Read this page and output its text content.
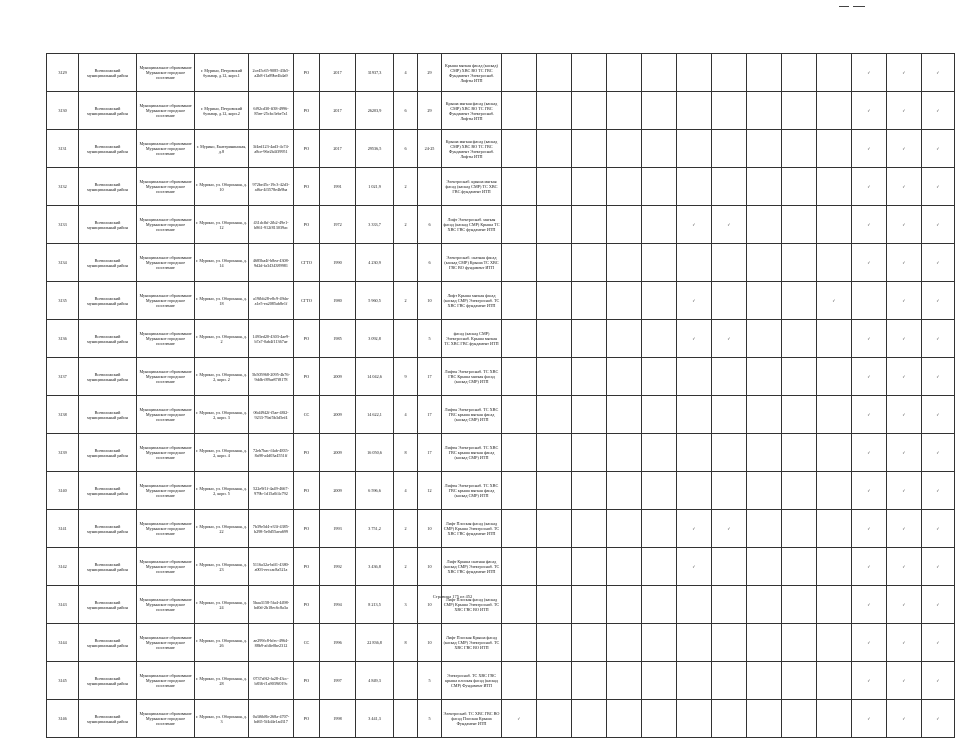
3129	Всеволожский муниципальный район	Муниципальное образование Мурынское городское поселение	г. Мурино, Петровский бульвар, д.12, корп.1	2ce45c65-9085-43b5-a2b8-f1a89be4b4a9	РО	2017	31937,3	4	29	Крыша мягкая фасад (каскад) СМР) ХВС ВО ТС ГВС Фундамент Электроснаб. Лифты ИТП											✓	✓	✓
3130	Всеволожский муниципальный район	Муниципальное образование Мурынское городское поселение	г. Мурино, Петровский бульвар, д.12, корп.2	6f92cd30-ff38-4996-85ee-25cbc3ebe7a1	РО	2017	26203,9	6	29	Крыша мягкая фасад (каскад СМР) ХВС ВО ТС ГВС Фундамент Электроснаб. Лифты ИТП											✓	✓	✓
3131	Всеволожский муниципальный район	Муниципальное образование Мурынское городское поселение	г. Мурино, Екатерининская, д.8	3f4ed123-4ad3-4c74-a8ce-96e2b4f39951	РО	2017	29536,5	6	24-25	Крыша мягкая фасад (каскад СМР) ХВС ВО ТС ГВС Фундамент Электроснаб. Лифты ИТП											✓	✓	✓
3132	Всеволожский муниципальный район	Муниципальное образование Мурынское городское поселение	г. Мурино, ул. Оборонная, д. 10	972be45c-19c3-42d3-af6a-4f3578e4b9ba	РО	1991	1 021,9	2		Электроснаб. крыша мягкая фасад (каскад СМР) ТС ХВС ГВС фундамент ИТП											✓	✓	✓
3133	Всеволожский муниципальный район	Муниципальное образование Мурынское городское поселение	г. Мурино, ул. Оборонная, д. 12	431dcfbf-2fb2-49e1-b861-912f813039ac	РО	1972	3 333,7	2	6	Лифт Электроснаб. мягкая фасад (каскад СМР) Крыша ТС ХВС ГВС фундамент ИТП						✓	✓				✓	✓	✓
3134	Всеволожский муниципальный район	Муниципальное образование Мурынское городское поселение	г. Мурино, ул. Оборонная, д. 14	4685ba4f-b8ea-4308-9d2d-fa3434389981	СГТО	1990	4 230,9		6	Электроснаб. скатная фасад (каскад СМР) Крыша ТС ХВС ГВС ВО фундамент ИТП											✓	✓	✓
3135	Всеволожский муниципальный район	Муниципальное образование Мурынское городское поселение	г. Мурино, ул. Оборонная, д. 18	a19fbb28-e8c9-49da-a1e5-ea2085ab8e1f	СГТО	1980	5 960,5	2	10	Лифт Крыша мягкая фасад (каскад СМР) Электроснаб. ТС ХВС ГВС фундамент ИТП						✓				✓		✓	✓
3136	Всеволожский муниципальный район	Муниципальное образование Мурынское городское поселение	г. Мурино, ул. Оборонная, д. 2	1493ed20-4303-4ae9-b7a7-0ab4f11367ae	РО	1985	3 092,8		5	фасад (каскад СМР) Электроснаб. Крыша мягкая ТС ХВС ГВС фундамент ИТП						✓	✓				✓	✓	✓
3137	Всеволожский муниципальный район	Муниципальное образование Мурынское городское поселение	г. Мурино, ул. Оборонная, д. 2, корп. 2	5b505968-2095-4b76-9ddb-f89ae87f8178	РО	2009	14 042,6	9	17	Лифты Электроснаб. ТС ХВС ГВС Крыша мягкая фасад (каскад СМР) ИТП											✓	✓	✓
3138	Всеволожский муниципальный район	Муниципальное образование Мурынское городское поселение	г. Мурино, ул. Оборонная, д. 2, корп. 3	06d4942f-f5ae-48f2-9233-79af5b3d5ef4	СС	2009	14 622,1	4	17	Лифты Электроснаб. ТС ХВС ГВС крыша мягкая фасад (каскад СМР) ИТП											✓	✓	✓
3139	Всеволожский муниципальный район	Муниципальное образование Мурынское городское поселение	г. Мурино, ул. Оборонная, д. 2, корп. 4	72eb7bac-f4ab-4835-8a98-a4d03a4551ff	РО	2009	16 050,6	8	17	Лифты Электроснаб. ТС ХВС ГВС крыша мягкая фасад (каскад СМР) ИТП											✓	✓	✓
3140	Всеволожский муниципальный район	Муниципальное образование Мурынское городское поселение	г. Мурино, ул. Оборонная, д. 2, корп. 5	522e9f1f-4a49-4667-979b-1d15a0f4c792	РО	2009	6 596,6	4	12	Лифты Электроснаб. ТС ХВС ГВС крыша мягкая фасад (каскад СМР) ИТП											✓	✓	✓
3141	Всеволожский муниципальный район	Муниципальное образование Мурынское городское поселение	г. Мурино, ул. Оборонная, д. 22	7b39e5d4-e33f-4385-b298-5e0d55aea699	РО	1993	3 751,2	2	10	Лифт Плоская фасад (каскад СМР) Крыша Электроснаб. ТС ХВС ГВС фундамент ИТП						✓	✓				✓	✓	✓
3142	Всеволожский муниципальный район	Муниципальное образование Мурынское городское поселение	г. Мурино, ул. Оборонная, д. 23	5116a32a-bdf1-4380-a003-eeccac8a521a	РО	1992	3 436,8	2	10	Лифт Крыша скатная фасад (каскад СМР) Электроснаб. ТС ХВС ГВС фундамент ИТП						✓					✓	✓	✓
3143	Всеволожский муниципальный район	Муниципальное образование Мурынское городское поселение	г. Мурино, ул. Оборонная, д. 24	5baa3158-5fa4-4498-bd0d-2b18ec6c8a3a	РО	1994	8 213,5	3	10	Лифт Плоская фасад (каскад СМР) Крыша Электроснаб. ТС ХВС ГВС ВО ИТП											✓	✓	✓
3144	Всеволожский муниципальный район	Муниципальное образование Мурынское городское поселение	г. Мурино, ул. Оборонная, д. 26	ae299fc8-bfec-4964-88b9-afdfe0be2312	СС	1996	22 836,8	8	10	Лифт Плоская Крыша фасад (каскад СМР) Электроснаб. ТС ХВС ГВС ВО ИТП											✓	✓	✓
3145	Всеволожский муниципальный район	Муниципальное образование Мурынское городское поселение	г. Мурино, ул. Оборонная, д. 28	0737a9f2-fa28-43cc-b836-f1a9039f019c	РО	1997	4 849,3		5	Электроснаб. ТС ХВС ГВС крыша плоская фасад (каскад СМР) Фундамент ИТП											✓	✓	✓
3146	Всеволожский муниципальный район	Муниципальное образование Мурынское городское поселение	г. Мурино, ул. Оборонная, д. 3	0a3f6b8b-268a-4707-bd65-5f4d4e1ad317	РО	1998	3 441,3		5	Электроснаб. ТС ХВС ГВС ВО фасад Плоская Крыша Фундамент ИТП	✓										✓	✓	✓
Страница 175 из 452
